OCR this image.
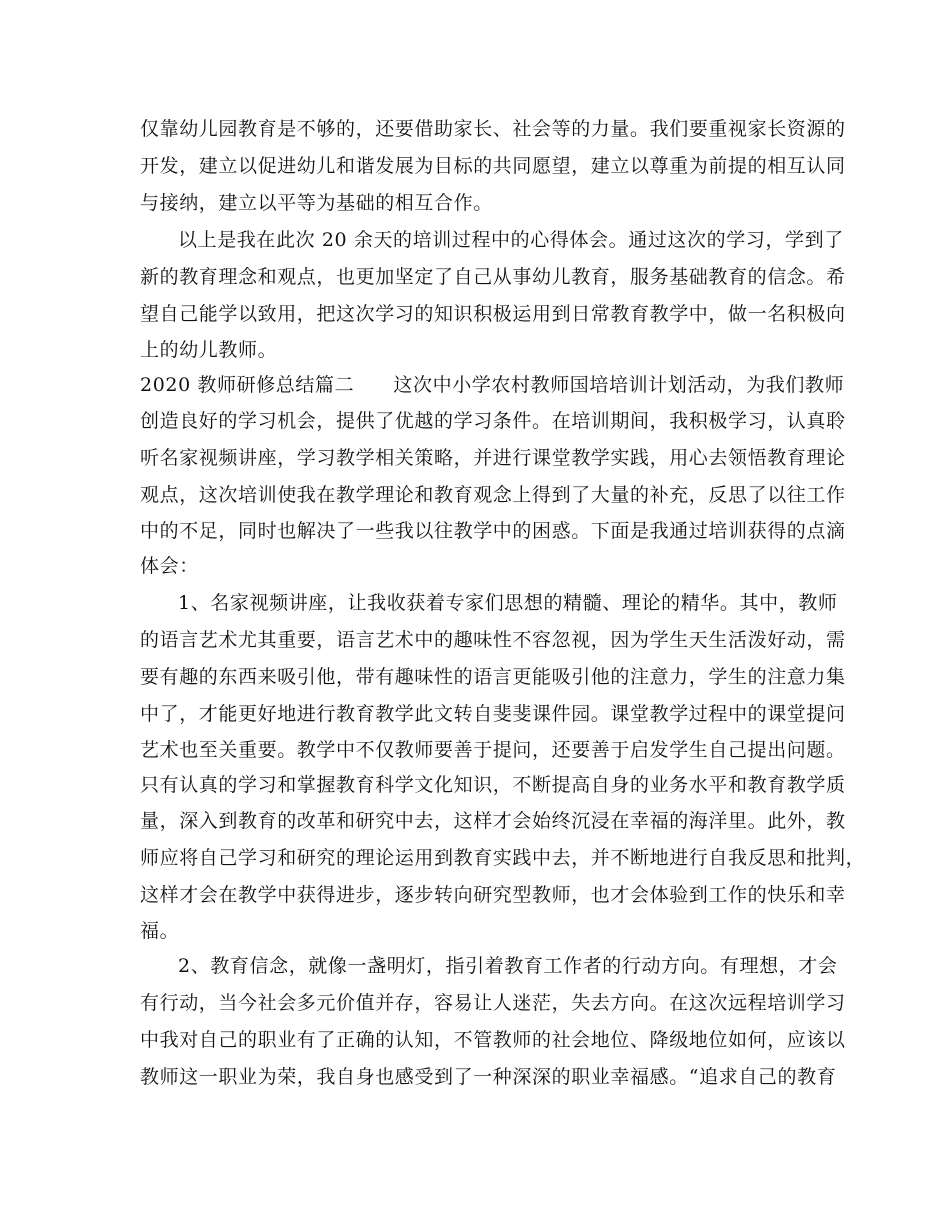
仅靠幼儿园教育是不够的，还要借助家长、社会等的力量。我们要重视家长资源的

开发，建立以促进幼儿和谐发展为目标的共同愿望，建立以尊重为前提的相互认同

与接纳，建立以平等为基础的相互合作。

以上是我在此次 20 余天的培训过程中的心得体会。通过这次的学习，学到了

新的教育理念和观点，也更加坚定了自己从事幼儿教育，服务基础教育的信念。希

望自己能学以致用，把这次学习的知识积极运用到日常教育教学中，做一名积极向

上的幼儿教师。

2020 教师研修总结篇二　　这次中小学农村教师国培培训计划活动，为我们教师

创造良好的学习机会，提供了优越的学习条件。在培训期间，我积极学习，认真聆

听名家视频讲座，学习教学相关策略，并进行课堂教学实践，用心去领悟教育理论

观点，这次培训使我在教学理论和教育观念上得到了大量的补充，反思了以往工作

中的不足，同时也解决了一些我以往教学中的困惑。下面是我通过培训获得的点滴

体会：

1、名家视频讲座，让我收获着专家们思想的精髓、理论的精华。其中，教师

的语言艺术尤其重要，语言艺术中的趣味性不容忽视，因为学生天生活泼好动，需

要有趣的东西来吸引他，带有趣味性的语言更能吸引他的注意力，学生的注意力集

中了，才能更好地进行教育教学此文转自斐斐课件园。课堂教学过程中的课堂提问

艺术也至关重要。教学中不仅教师要善于提问，还要善于启发学生自己提出问题。

只有认真的学习和掌握教育科学文化知识，不断提高自身的业务水平和教育教学质

量，深入到教育的改革和研究中去，这样才会始终沉浸在幸福的海洋里。此外，教

师应将自己学习和研究的理论运用到教育实践中去，并不断地进行自我反思和批判，

这样才会在教学中获得进步，逐步转向研究型教师，也才会体验到工作的快乐和幸

福。

2、教育信念，就像一盏明灯，指引着教育工作者的行动方向。有理想，才会

有行动，当今社会多元价值并存，容易让人迷茫，失去方向。在这次远程培训学习

中我对自己的职业有了正确的认知，不管教师的社会地位、降级地位如何，应该以

教师这一职业为荣，我自身也感受到了一种深深的职业幸福感。“追求自己的教育
